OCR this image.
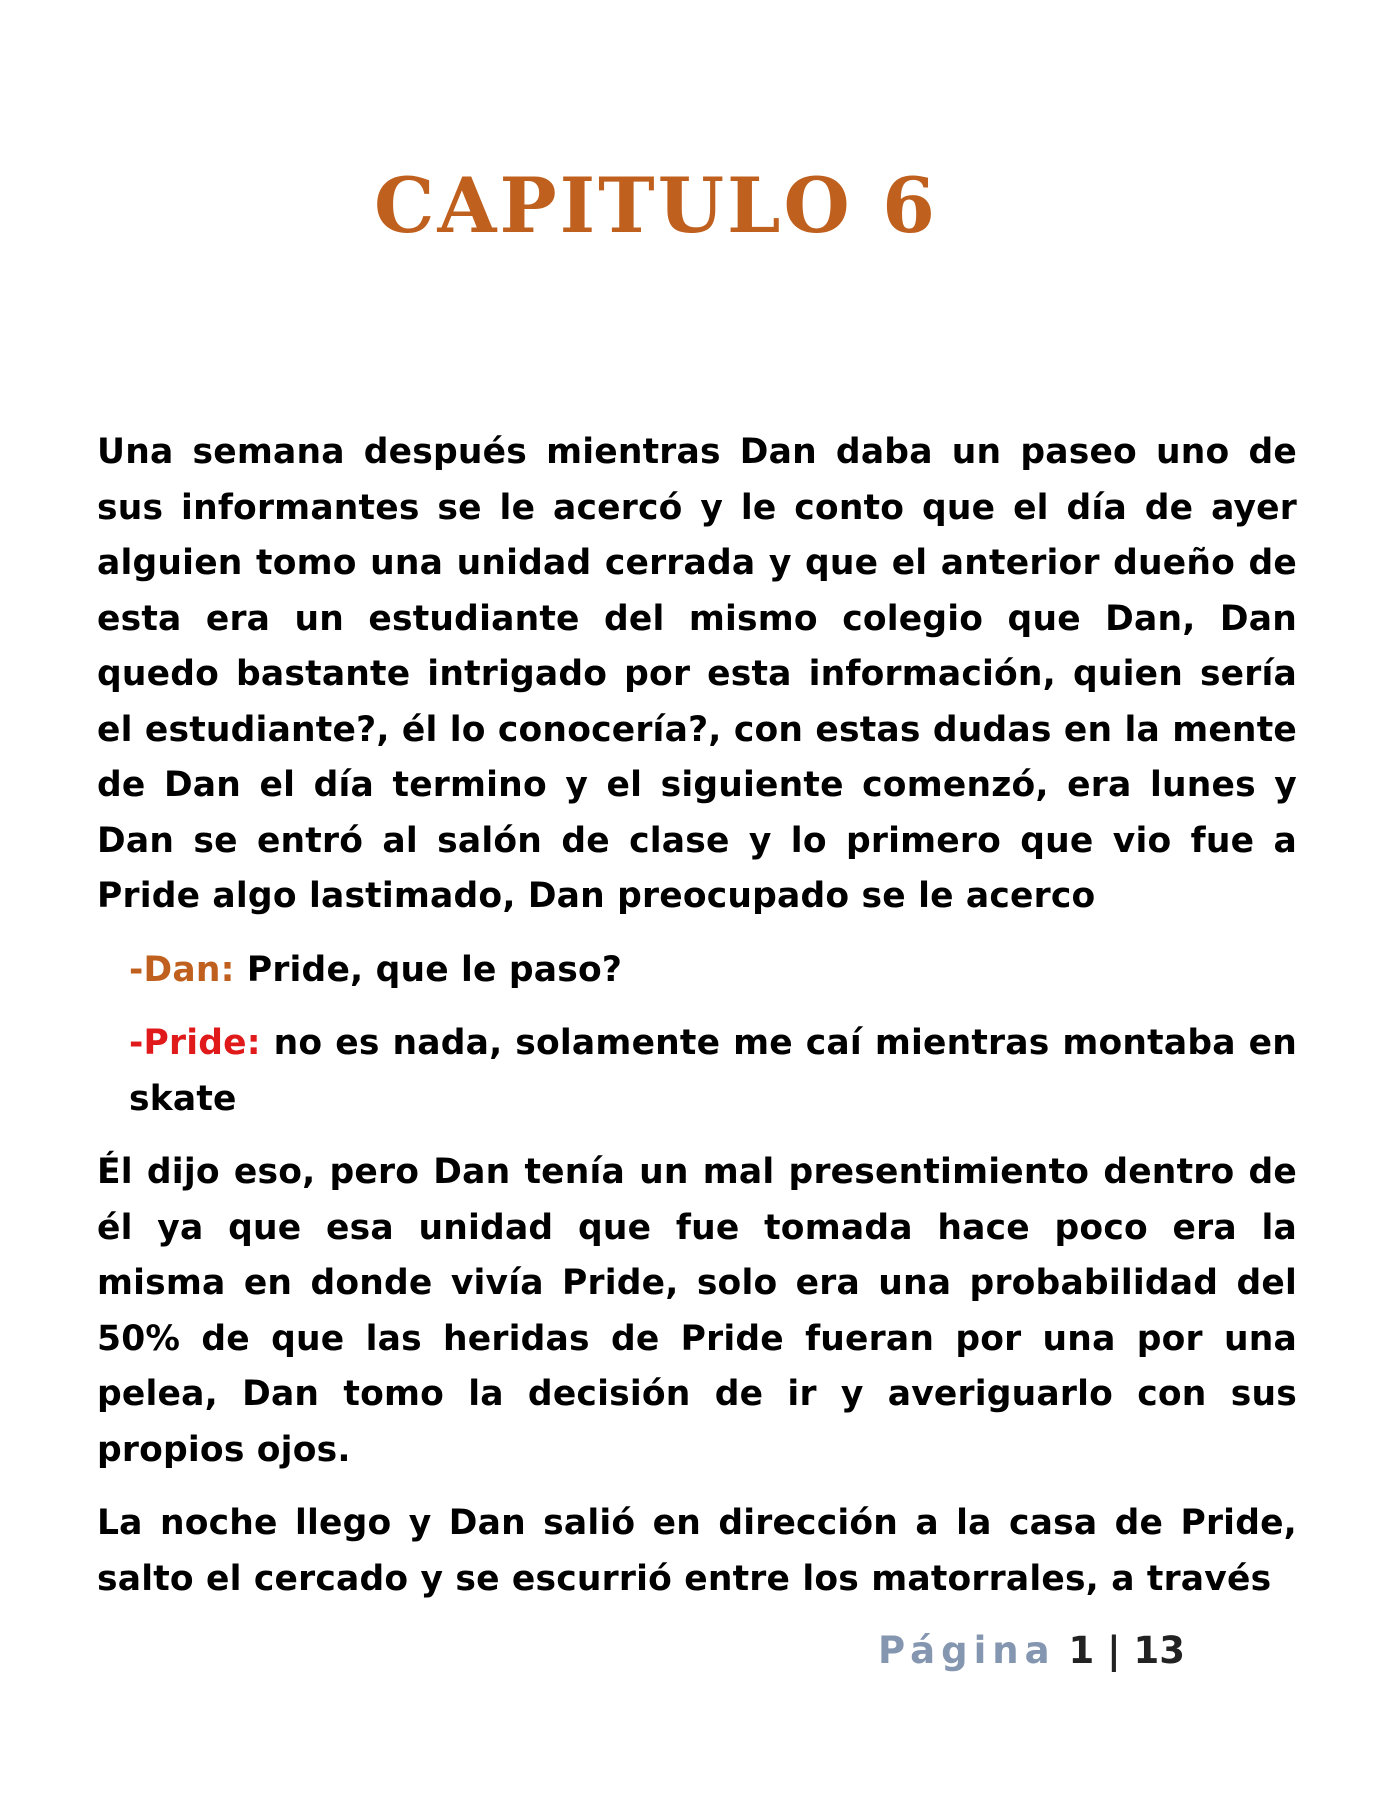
CAPITULO 6

Una semana después mientras Dan daba un paseo uno de sus informantes se le acercó y le conto que el día de ayer alguien tomo una unidad cerrada y que el anterior dueño de esta era un estudiante del mismo colegio que Dan, Dan quedo bastante intrigado por esta información, quien sería el estudiante?, él lo conocería?, con estas dudas en la mente de Dan el día termino y el siguiente comenzó, era lunes y Dan se entró al salón de clase y lo primero que vio fue a Pride algo lastimado, Dan preocupado se le acerco

-Dan: Pride, que le paso?

-Pride: no es nada, solamente me caí mientras montaba en skate

Él dijo eso, pero Dan tenía un mal presentimiento dentro de él ya que esa unidad que fue tomada hace poco era la misma en donde vivía Pride, solo era una probabilidad del 50% de que las heridas de Pride fueran por una por una pelea, Dan tomo la decisión de ir y averiguarlo con sus propios ojos.

La noche llego y Dan salió en dirección a la casa de Pride, salto el cercado y se escurrió entre los matorrales, a través

Página 1 | 13
